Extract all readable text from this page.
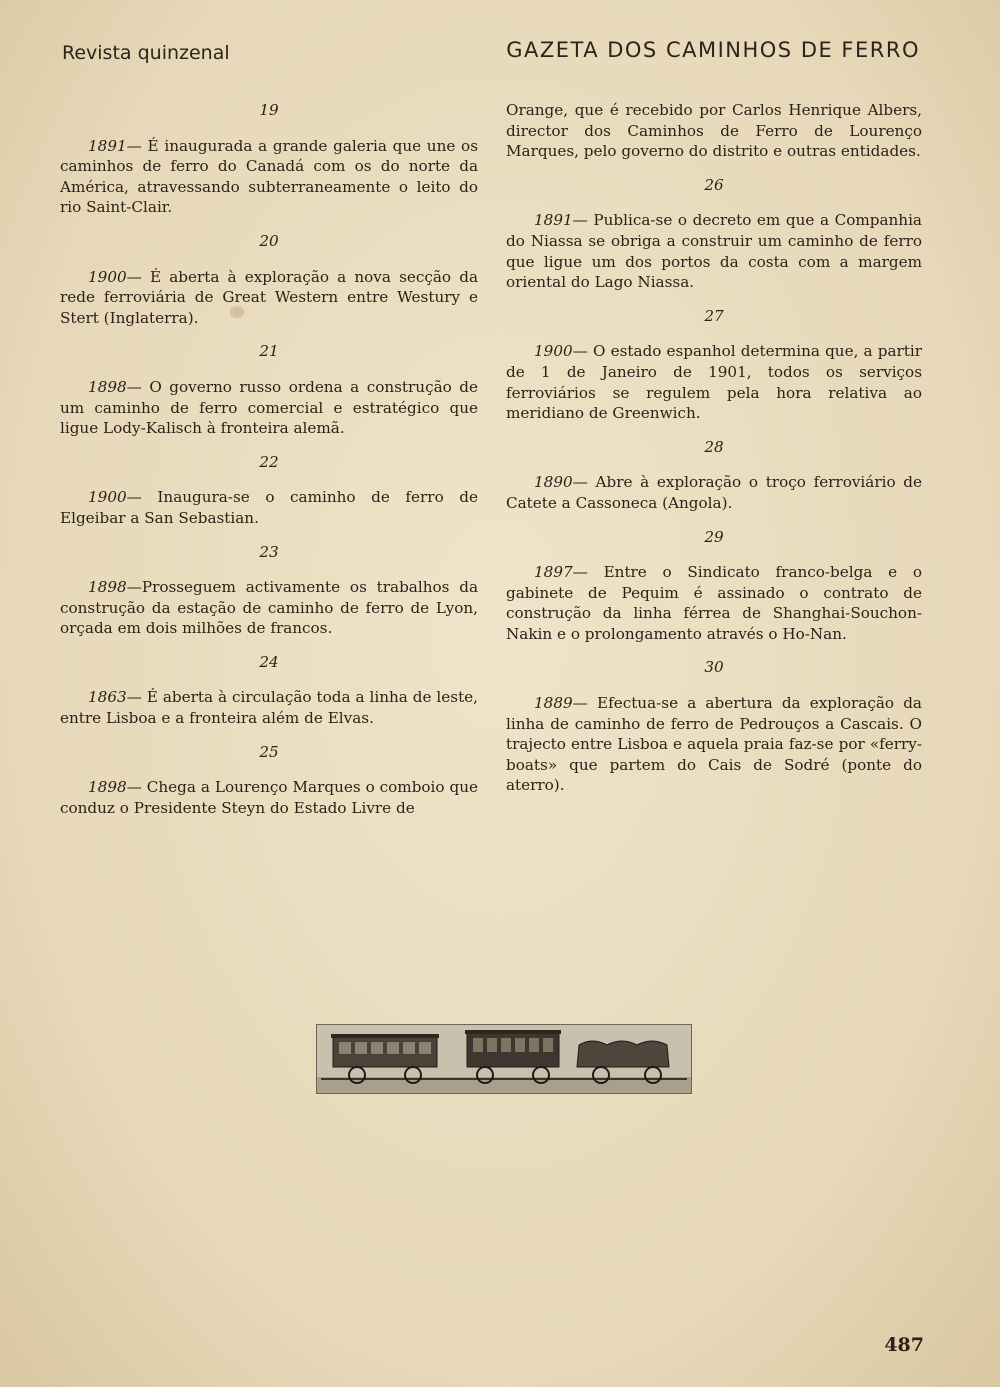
Revista quinzenal	GAZETA DOS CAMINHOS DE FERRO
19
1891— É inaugurada a grande galeria que une os caminhos de ferro do Canadá com os do norte da América, atravessando subterraneamente o leito do rio Saint-Clair.
20
1900— É aberta à exploração a nova secção da rede ferroviária de Great Western entre Westury e Stert (Inglaterra).
21
1898— O governo russo ordena a construção de um caminho de ferro comercial e estratégico que ligue Lody-Kalisch à fronteira alemã.
22
1900— Inaugura-se o caminho de ferro de Elgeibar a San Sebastian.
23
1898—Prosseguem activamente os trabalhos da construção da estação de caminho de ferro de Lyon, orçada em dois milhões de francos.
24
1863— É aberta à circulação toda a linha de leste, entre Lisboa e a fronteira além de Elvas.
25
1898— Chega a Lourenço Marques o comboio que conduz o Presidente Steyn do Estado Livre de
Orange, que é recebido por Carlos Henrique Albers, director dos Caminhos de Ferro de Lourenço Marques, pelo governo do distrito e outras entidades.
26
1891— Publica-se o decreto em que a Companhia do Niassa se obriga a construir um caminho de ferro que ligue um dos portos da costa com a margem oriental do Lago Niassa.
27
1900— O estado espanhol determina que, a partir de 1 de Janeiro de 1901, todos os serviços ferroviários se regulem pela hora relativa ao meridiano de Greenwich.
28
1890— Abre à exploração o troço ferroviário de Catete a Cassoneca (Angola).
29
1897— Entre o Sindicato franco-belga e o gabinete de Pequim é assinado o contrato de construção da linha férrea de Shanghai-Souchon-Nakin e o prolongamento através o Ho-Nan.
30
1889— Efectua-se a abertura da exploração da linha de caminho de ferro de Pedrouços a Cascais. O trajecto entre Lisboa e aquela praia faz-se por «ferry-boats» que partem do Cais de Sodré (ponte do aterro).
487
